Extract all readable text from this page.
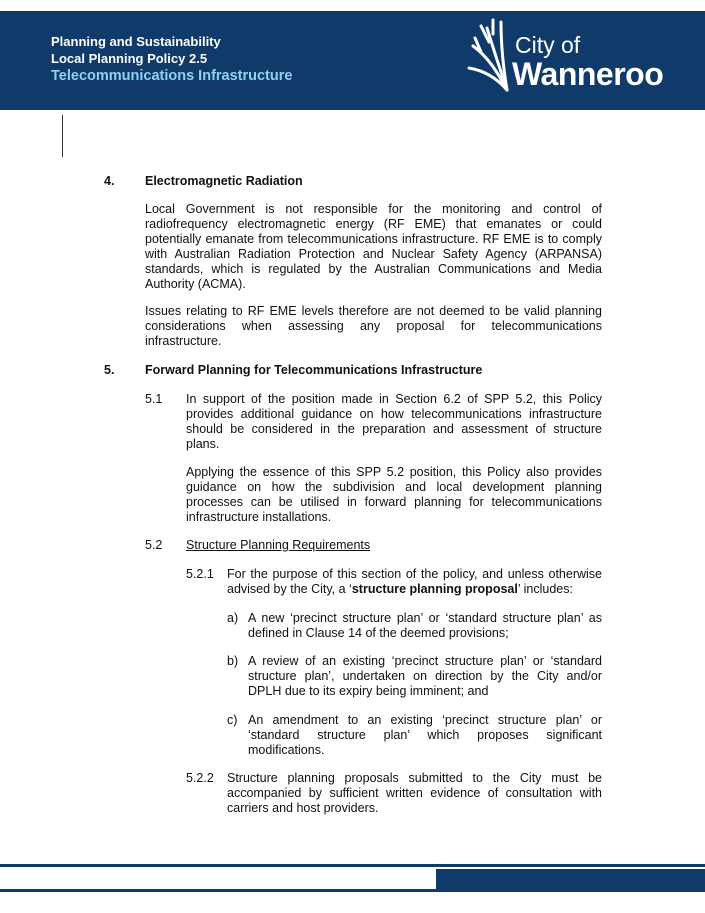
Planning and Sustainability
Local Planning Policy 2.5
Telecommunications Infrastructure
City of
Wanneroo
4. Electromagnetic Radiation

Local Government is not responsible for the monitoring and control of radiofrequency electromagnetic energy (RF EME) that emanates or could potentially emanate from telecommunications infrastructure. RF EME is to comply with Australian Radiation Protection and Nuclear Safety Agency (ARPANSA) standards, which is regulated by the Australian Communications and Media Authority (ACMA).

Issues relating to RF EME levels therefore are not deemed to be valid planning considerations when assessing any proposal for telecommunications infrastructure.

5. Forward Planning for Telecommunications Infrastructure
5.1 In support of the position made in Section 6.2 of SPP 5.2, this Policy provides additional guidance on how telecommunications infrastructure should be considered in the preparation and assessment of structure plans.

Applying the essence of this SPP 5.2 position, this Policy also provides guidance on how the subdivision and local development planning processes can be utilised in forward planning for telecommunications infrastructure installations.

5.2 Structure Planning Requirements
5.2.1 For the purpose of this section of the policy, and unless otherwise advised by the City, a ‘structure planning proposal’ includes:

a) A new ‘precinct structure plan’ or ‘standard structure plan’ as defined in Clause 14 of the deemed provisions;

b) A review of an existing ‘precinct structure plan’ or ‘standard structure plan’, undertaken on direction by the City and/or DPLH due to its expiry being imminent; and

c) An amendment to an existing ‘precinct structure plan’ or ‘standard structure plan’ which proposes significant modifications.

5.2.2 Structure planning proposals submitted to the City must be accompanied by sufficient written evidence of consultation with carriers and host providers.
